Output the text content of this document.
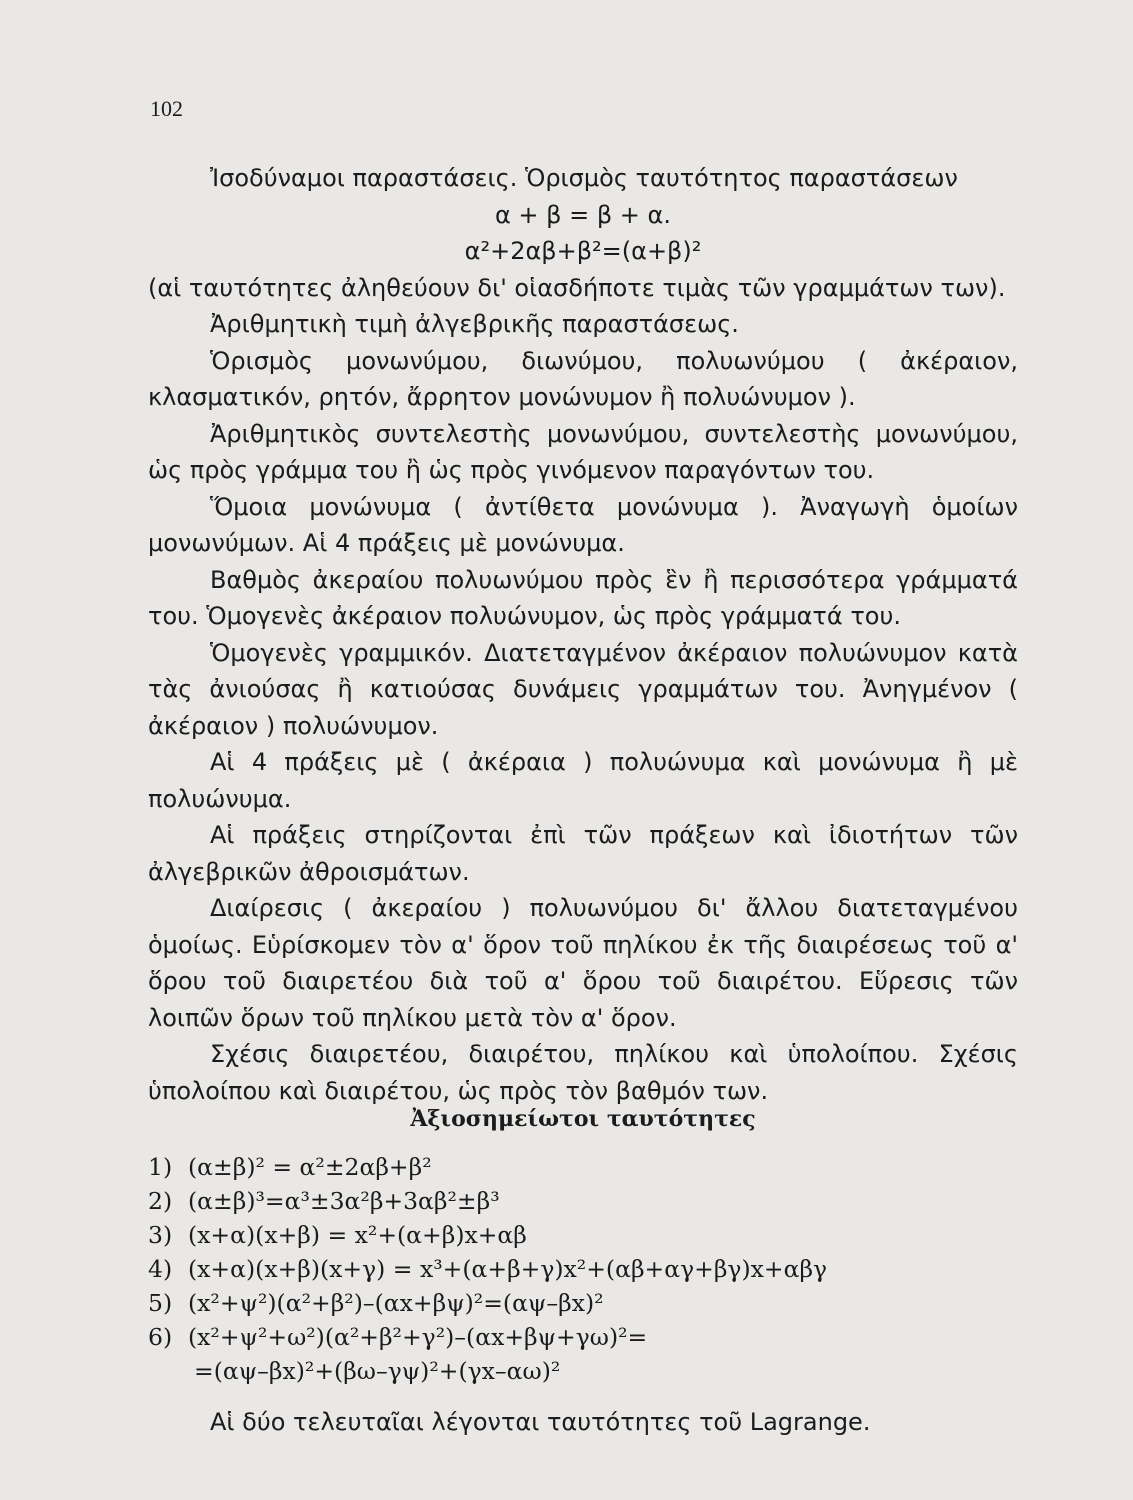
102

Ἰσοδύναμοι παραστάσεις. Ὁρισμὸς ταυτότητος παραστάσεων

α + β = β + α.

α²+2αβ+β²=(α+β)²

(αἱ ταυτότητες ἀληθεύουν δι' οἱασδήποτε τιμὰς τῶν γραμμάτων των).

Ἀριθμητικὴ τιμὴ ἀλγεβρικῆς παραστάσεως.

Ὁρισμὸς μονωνύμου, διωνύμου, πολυωνύμου ( ἀκέραιον, κλασματικόν, ρητόν, ἄρρητον μονώνυμον ἢ πολυώνυμον ).

Ἀριθμητικὸς συντελεστὴς μονωνύμου, συντελεστὴς μονωνύμου, ὡς πρὸς γράμμα του ἢ ὡς πρὸς γινόμενον παραγόντων του.

Ὅμοια μονώνυμα ( ἀντίθετα μονώνυμα ). Ἀναγωγὴ ὁμοίων μονωνύμων. Αἱ 4 πράξεις μὲ μονώνυμα.

Βαθμὸς ἀκεραίου πολυωνύμου πρὸς ἓν ἢ περισσότερα γράμματά του. Ὁμογενὲς ἀκέραιον πολυώνυμον, ὡς πρὸς γράμματά του.

Ὁμογενὲς γραμμικόν. Διατεταγμένον ἀκέραιον πολυώνυμον κατὰ τὰς ἀνιούσας ἢ κατιούσας δυνάμεις γραμμάτων του. Ἀνηγμένον ( ἀκέραιον ) πολυώνυμον.

Αἱ 4 πράξεις μὲ ( ἀκέραια ) πολυώνυμα καὶ μονώνυμα ἢ μὲ πολυώνυμα.

Αἱ πράξεις στηρίζονται ἐπὶ τῶν πράξεων καὶ ἰδιοτήτων τῶν ἀλγεβρικῶν ἀθροισμάτων.

Διαίρεσις ( ἀκεραίου ) πολυωνύμου δι' ἄλλου διατεταγμένου ὁμοίως. Εὑρίσκομεν τὸν α' ὅρον τοῦ πηλίκου ἐκ τῆς διαιρέσεως τοῦ α' ὅρου τοῦ διαιρετέου διὰ τοῦ α' ὅρου τοῦ διαιρέτου. Εὕρεσις τῶν λοιπῶν ὅρων τοῦ πηλίκου μετὰ τὸν α' ὅρον.

Σχέσις διαιρετέου, διαιρέτου, πηλίκου καὶ ὑπολοίπου. Σχέσις ὑπολοίπου καὶ διαιρέτου, ὡς πρὸς τὸν βαθμόν των.

Ἀξιοσημείωτοι ταυτότητες
1) (α±β)² = α²±2αβ+β²
2) (α±β)³=α³±3α²β+3αβ²±β³
3) (x+α)(x+β) = x²+(α+β)x+αβ
4) (x+α)(x+β)(x+γ) = x³+(α+β+γ)x²+(αβ+αγ+βγ)x+αβγ
5) (x²+ψ²)(α²+β²)–(αx+βψ)²=(αψ–βx)²
6) (x²+ψ²+ω²)(α²+β²+γ²)–(αx+βψ+γω)²=
=(αψ–βx)²+(βω–γψ)²+(γx–αω)²
Αἱ δύο τελευταῖαι λέγονται ταυτότητες τοῦ Lagrange.
